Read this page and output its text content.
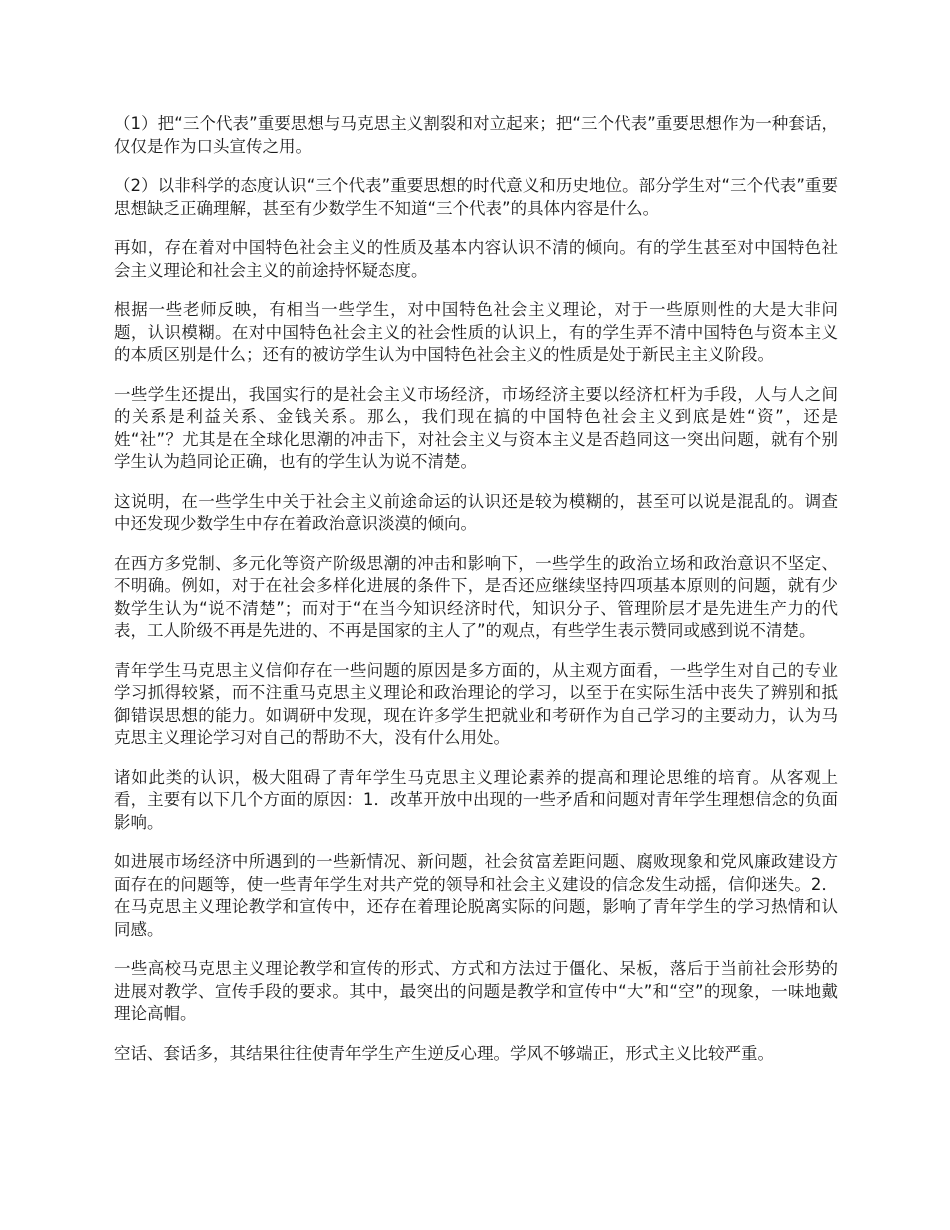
（1）把“三个代表”重要思想与马克思主义割裂和对立起来；把“三个代表”重要思想作为一种套话，仅仅是作为口头宣传之用。

（2）以非科学的态度认识“三个代表”重要思想的时代意义和历史地位。部分学生对“三个代表”重要思想缺乏正确理解，甚至有少数学生不知道“三个代表”的具体内容是什么。

再如，存在着对中国特色社会主义的性质及基本内容认识不清的倾向。有的学生甚至对中国特色社会主义理论和社会主义的前途持怀疑态度。

根据一些老师反映，有相当一些学生，对中国特色社会主义理论，对于一些原则性的大是大非问题，认识模糊。在对中国特色社会主义的社会性质的认识上，有的学生弄不清中国特色与资本主义的本质区别是什么；还有的被访学生认为中国特色社会主义的性质是处于新民主主义阶段。

一些学生还提出，我国实行的是社会主义市场经济，市场经济主要以经济杠杆为手段，人与人之间的关系是利益关系、金钱关系。那么，我们现在搞的中国特色社会主义到底是姓“资”，还是姓“社”？尤其是在全球化思潮的冲击下，对社会主义与资本主义是否趋同这一突出问题，就有个别学生认为趋同论正确，也有的学生认为说不清楚。

这说明，在一些学生中关于社会主义前途命运的认识还是较为模糊的，甚至可以说是混乱的。调查中还发现少数学生中存在着政治意识淡漠的倾向。

在西方多党制、多元化等资产阶级思潮的冲击和影响下，一些学生的政治立场和政治意识不坚定、不明确。例如，对于在社会多样化进展的条件下，是否还应继续坚持四项基本原则的问题，就有少数学生认为“说不清楚”；而对于“在当今知识经济时代，知识分子、管理阶层才是先进生产力的代表，工人阶级不再是先进的、不再是国家的主人了”的观点，有些学生表示赞同或感到说不清楚。

青年学生马克思主义信仰存在一些问题的原因是多方面的，从主观方面看，一些学生对自己的专业学习抓得较紧，而不注重马克思主义理论和政治理论的学习，以至于在实际生活中丧失了辨别和抵御错误思想的能力。如调研中发现，现在许多学生把就业和考研作为自己学习的主要动力，认为马克思主义理论学习对自己的帮助不大，没有什么用处。

诸如此类的认识，极大阻碍了青年学生马克思主义理论素养的提高和理论思维的培育。从客观上看，主要有以下几个方面的原因：1．改革开放中出现的一些矛盾和问题对青年学生理想信念的负面影响。

如进展市场经济中所遇到的一些新情况、新问题，社会贫富差距问题、腐败现象和党风廉政建设方面存在的问题等，使一些青年学生对共产党的领导和社会主义建设的信念发生动摇，信仰迷失。2．在马克思主义理论教学和宣传中，还存在着理论脱离实际的问题，影响了青年学生的学习热情和认同感。

一些高校马克思主义理论教学和宣传的形式、方式和方法过于僵化、呆板，落后于当前社会形势的进展对教学、宣传手段的要求。其中，最突出的问题是教学和宣传中“大”和“空”的现象，一味地戴理论高帽。

空话、套话多，其结果往往使青年学生产生逆反心理。学风不够端正，形式主义比较严重。
